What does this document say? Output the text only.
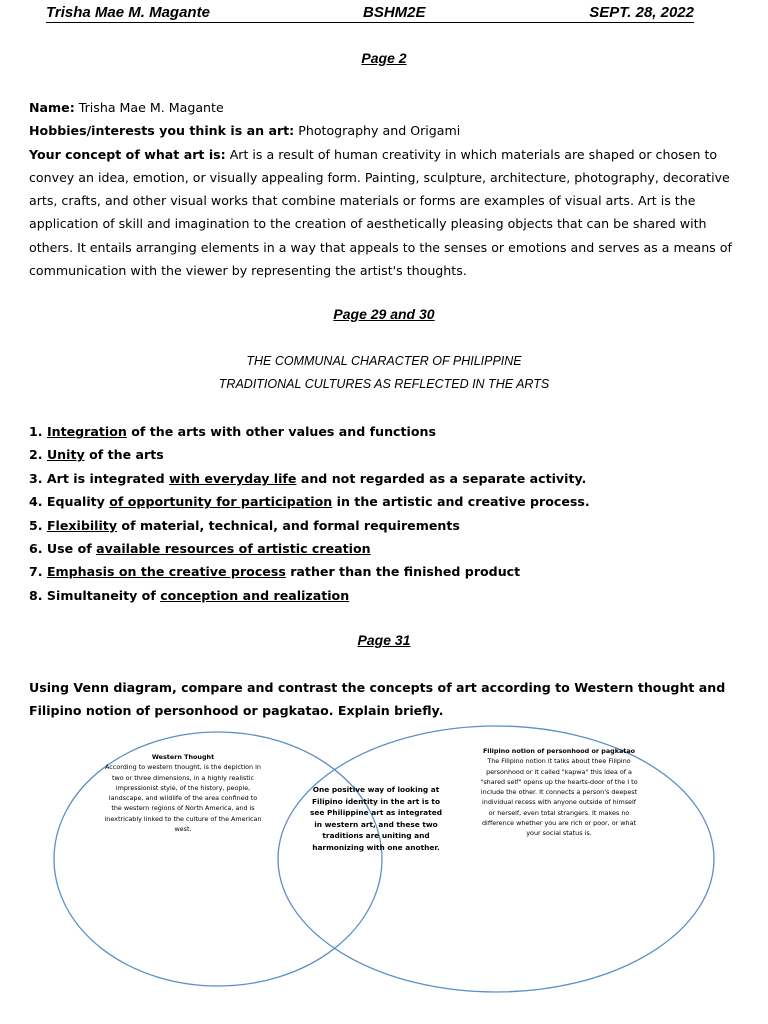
Trisha Mae M. Magante	BSHM2E	SEPT. 28, 2022
Page 2
Name: Trisha Mae M. Magante
Hobbies/interests you think is an art: Photography and Origami
Your concept of what art is: Art is a result of human creativity in which materials are shaped or chosen to convey an idea, emotion, or visually appealing form. Painting, sculpture, architecture, photography, decorative arts, crafts, and other visual works that combine materials or forms are examples of visual arts. Art is the application of skill and imagination to the creation of aesthetically pleasing objects that can be shared with others. It entails arranging elements in a way that appeals to the senses or emotions and serves as a means of communication with the viewer by representing the artist's thoughts.
Page 29 and 30
THE COMMUNAL CHARACTER OF PHILIPPINE
TRADITIONAL CULTURES AS REFLECTED IN THE ARTS
1. Integration of the arts with other values and functions
2. Unity of the arts
3. Art is integrated with everyday life and not regarded as a separate activity.
4. Equality of opportunity for participation in the artistic and creative process.
5. Flexibility of material, technical, and formal requirements
6. Use of available resources of artistic creation
7. Emphasis on the creative process rather than the finished product
8. Simultaneity of conception and realization
Page 31
Using Venn diagram, compare and contrast the concepts of art according to Western thought and Filipino notion of personhood or pagkatao. Explain briefly.
Western Thought
According to western thought, is the depiction in two or three dimensions, in a highly realistic impressionist style, of the history, people, landscape, and wildlife of the area confined to the western regions of North America, and is inextricably linked to the culture of the American west.
Filipino notion of personhood or pagkatao
The Filipino notion it talks about thee Filipino personhood or it called "kapwa" this idea of a "shared self" opens up the hearts-door of the I to include the other. It connects a person's deepest individual recess with anyone outside of himself or herself, even total strangers. It makes no difference whether you are rich or poor, or what your social status is.
One positive way of looking at Filipino identity in the art is to see Philippine art as integrated in western art, and these two traditions are uniting and harmonizing with one another.
